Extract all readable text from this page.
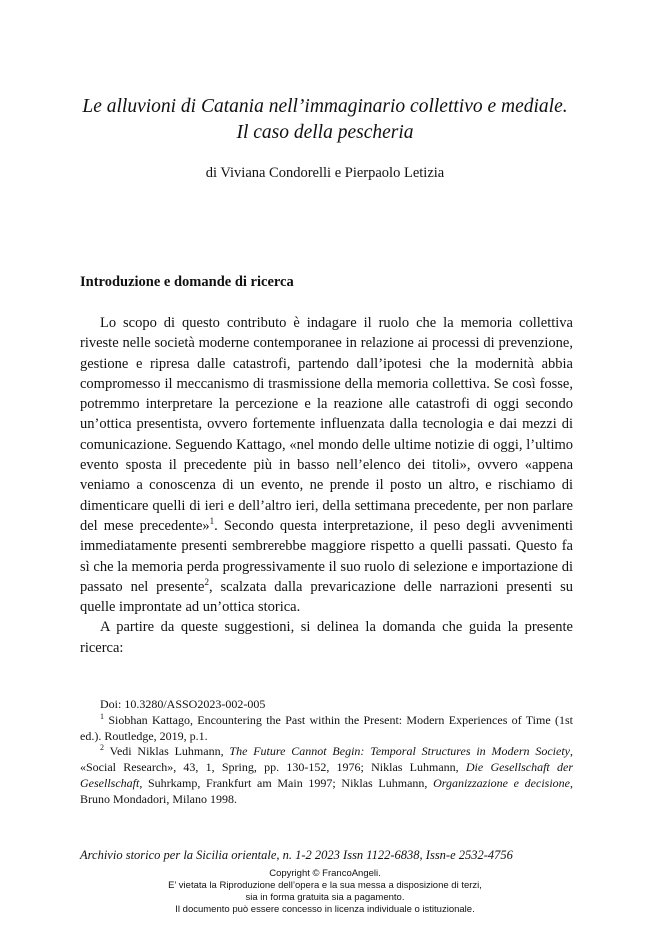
Le alluvioni di Catania nell’immaginario collettivo e mediale.
Il caso della pescheria
di Viviana Condorelli e Pierpaolo Letizia
Introduzione e domande di ricerca

Lo scopo di questo contributo è indagare il ruolo che la memoria collettiva riveste nelle società moderne contemporanee in relazione ai processi di prevenzione, gestione e ripresa dalle catastrofi, partendo dall’ipotesi che la modernità abbia compromesso il meccanismo di trasmissione della memoria collettiva. Se così fosse, potremmo interpretare la percezione e la reazione alle catastrofi di oggi secondo un’ottica presentista, ovvero fortemente influenzata dalla tecnologia e dai mezzi di comunicazione. Seguendo Kattago, «nel mondo delle ultime notizie di oggi, l’ultimo evento sposta il precedente più in basso nell’elenco dei titoli», ovvero «appena veniamo a conoscenza di un evento, ne prende il posto un altro, e rischiamo di dimenticare quelli di ieri e dell’altro ieri, della settimana precedente, per non parlare del mese precedente»$^1$. Secondo questa interpretazione, il peso degli avvenimenti immediatamente presenti sembrerebbe maggiore rispetto a quelli passati. Questo fa sì che la memoria perda progressivamente il suo ruolo di selezione e importazione di passato nel presente$^2$, scalzata dalla prevaricazione delle narrazioni presenti su quelle improntate ad un’ottica storica.

A partire da queste suggestioni, si delinea la domanda che guida la presente ricerca:

Doi: 10.3280/ASSO2023-002-005

$^1$ Siobhan Kattago, Encountering the Past within the Present: Modern Experiences of Time (1st ed.). Routledge, 2019, p.1.

$^2$ Vedi Niklas Luhmann, The Future Cannot Begin: Temporal Structures in Modern Society, «Social Research», 43, 1, Spring, pp. 130-152, 1976; Niklas Luhmann, Die Gesellschaft der Gesellschaft, Suhrkamp, Frankfurt am Main 1997; Niklas Luhmann, Organizzazione e decisione, Bruno Mondadori, Milano 1998.

Archivio storico per la Sicilia orientale, n. 1-2 2023 Issn 1122-6838, Issn-e 2532-4756
Copyright © FrancoAngeli.
E’ vietata la Riproduzione dell’opera e la sua messa a disposizione di terzi,
sia in forma gratuita sia a pagamento.
Il documento può essere concesso in licenza individuale o istituzionale.
